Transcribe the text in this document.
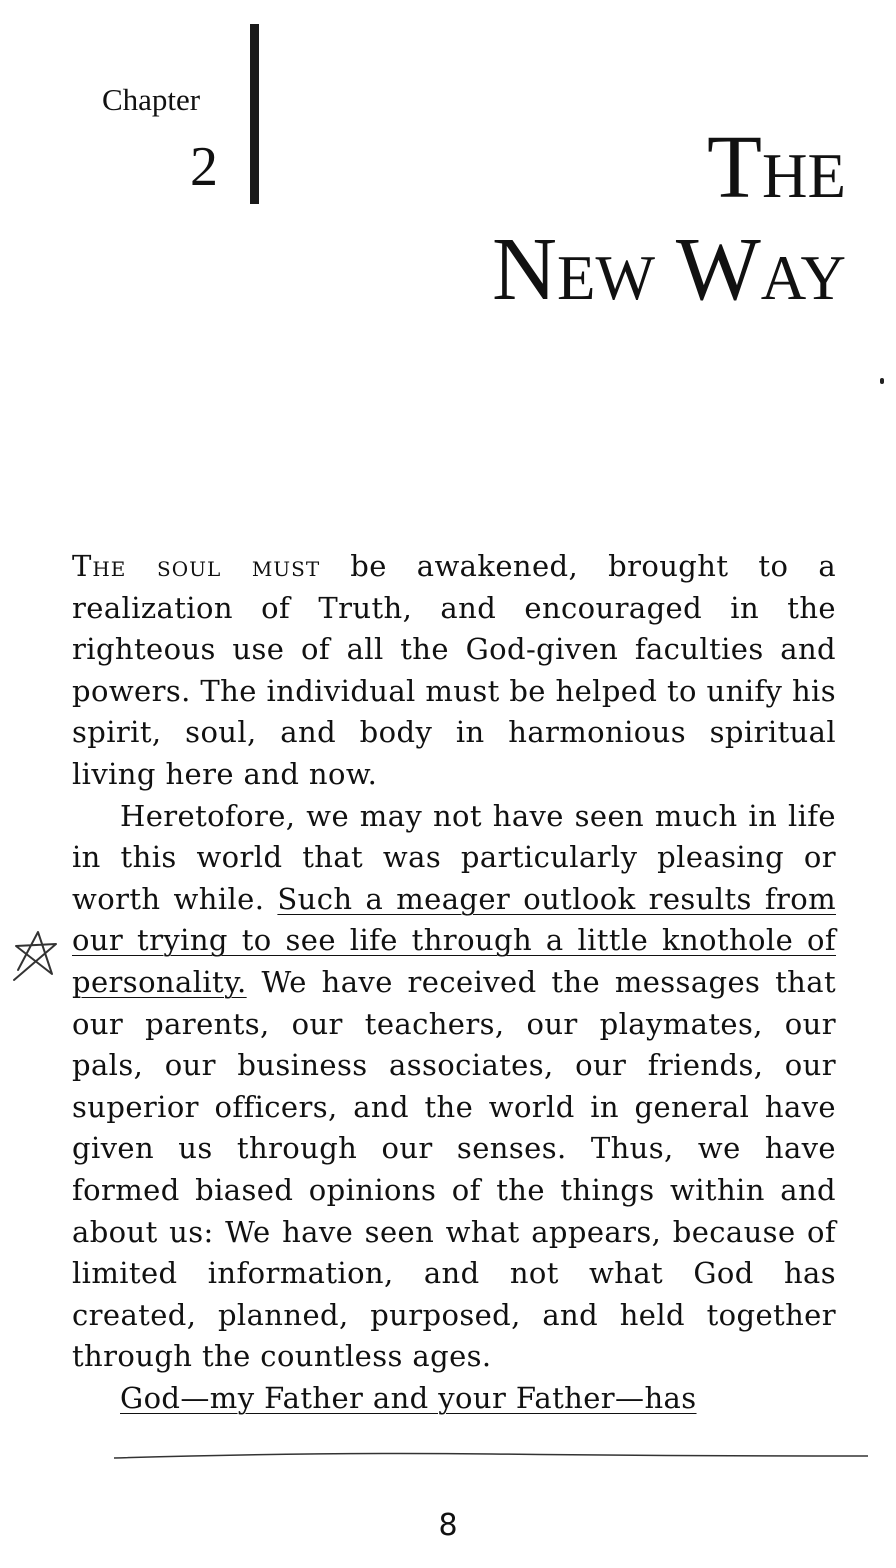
Chapter
2	The
New Way

The soul must be awakened, brought to a realization of Truth, and encouraged in the righteous use of all the God-given faculties and powers. The individual must be helped to unify his spirit, soul, and body in harmonious spiritual living here and now.

Heretofore, we may not have seen much in life in this world that was particularly pleasing or worth while. Such a meager outlook results from our trying to see life through a little knothole of personality. We have received the messages that our parents, our teachers, our playmates, our pals, our business associates, our friends, our superior officers, and the world in general have given us through our senses. Thus, we have formed biased opinions of the things within and about us: We have seen what appears, because of limited information, and not what God has created, planned, purposed, and held together through the countless ages.

God—my Father and your Father—has

8
